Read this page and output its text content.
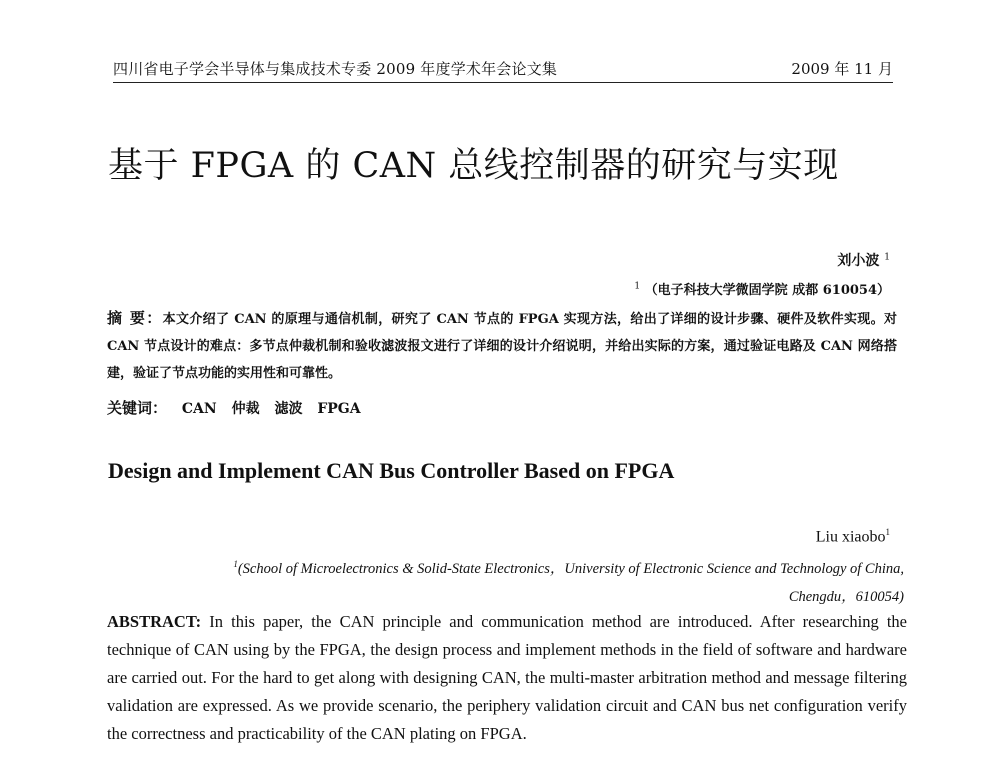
四川省电子学会半导体与集成技术专委 2009 年度学术年会论文集	2009 年 11 月
基于 FPGA 的 CAN 总线控制器的研究与实现
刘小波 $^1$
$^1$ （电子科技大学微固学院 成都 610054）
摘 要：本文介绍了 CAN 的原理与通信机制，研究了 CAN 节点的 FPGA 实现方法，给出了详细的设计步骤、硬件及软件实现。对 CAN 节点设计的难点：多节点仲裁机制和验收滤波报文进行了详细的设计介绍说明，并给出实际的方案，通过验证电路及 CAN 网络搭建，验证了节点功能的实用性和可靠性。
关键词： CAN 仲裁 滤波 FPGA
Design and Implement CAN Bus Controller Based on FPGA
Liu xiaobo$^1$
$^1$(School of Microelectronics & Solid-State Electronics，University of Electronic Science and Technology of China,
Chengdu，610054)
ABSTRACT: In this paper, the CAN principle and communication method are introduced. After researching the technique of CAN using by the FPGA, the design process and implement methods in the field of software and hardware are carried out. For the hard to get along with designing CAN, the multi-master arbitration method and message filtering validation are expressed. As we provide scenario, the periphery validation circuit and CAN bus net configuration verify the correctness and practicability of the CAN plating on FPGA.
